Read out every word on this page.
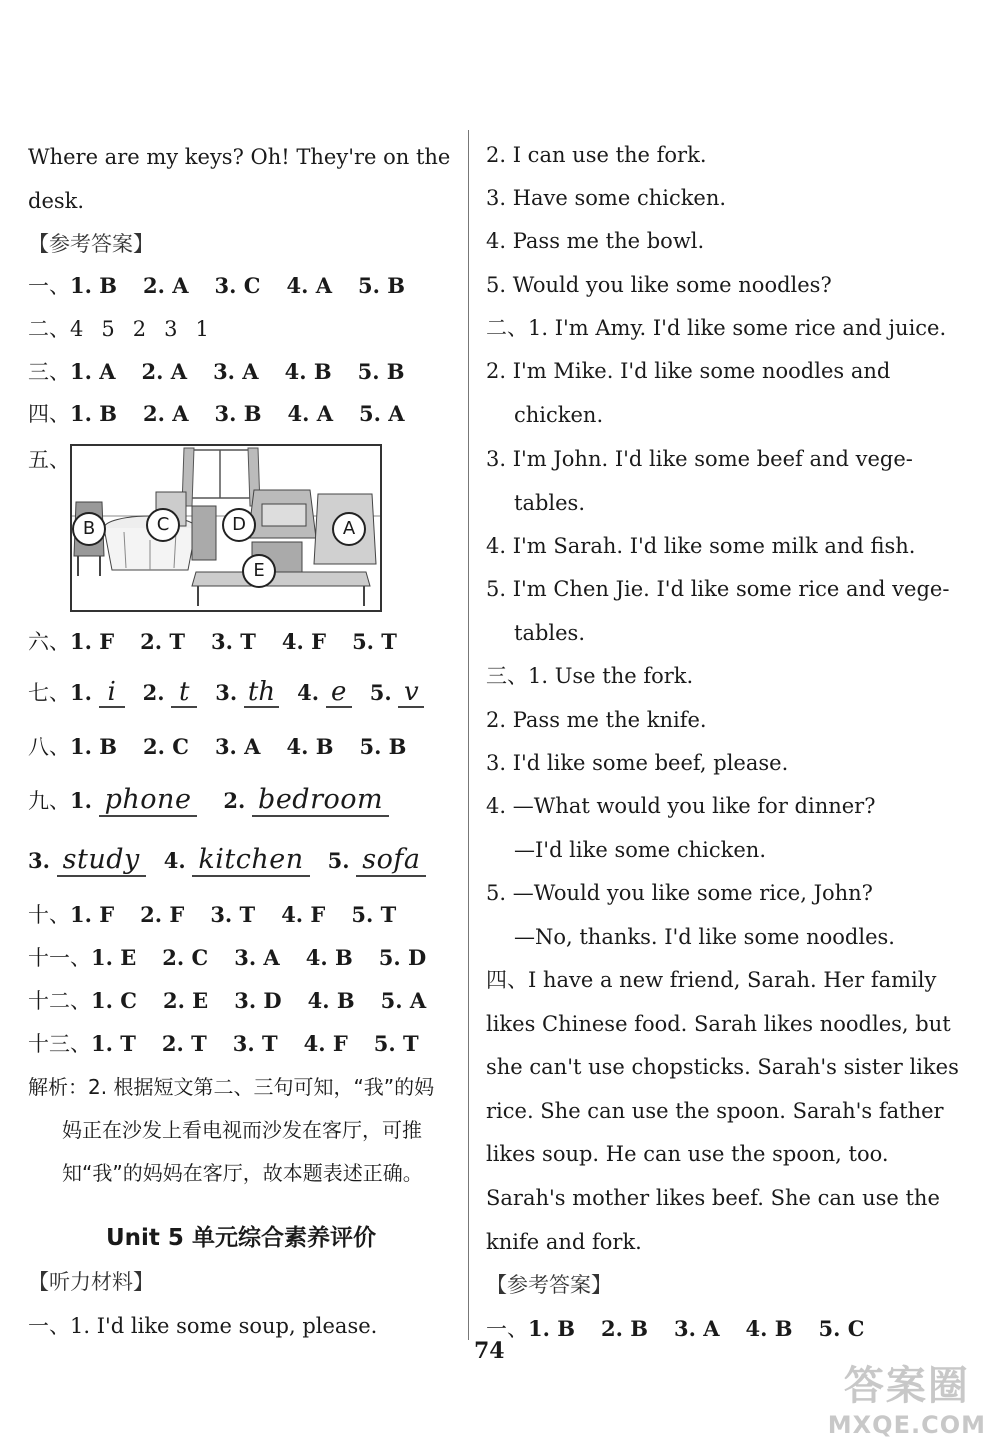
Where are my keys? Oh! They're on the
desk.
【参考答案】
一、1. B 2. A 3. C 4. A 5. B
二、4 5 2 3 1
三、1. A 2. A 3. A 4. B 5. B
四、1. B 2. A 3. B 4. A 5. A
五、
B	C	D	A
E
六、1. F 2. T 3. T 4. F 5. T
七、1. i 2. t 3. th 4. e 5. v
八、1. B 2. C 3. A 4. B 5. B
九、1. phone 2. bedroom
3. study 4. kitchen 5. sofa
十、1. F 2. F 3. T 4. F 5. T
十一、1. E 2. C 3. A 4. B 5. D
十二、1. C 2. E 3. D 4. B 5. A
十三、1. T 2. T 3. T 4. F 5. T
解析：2. 根据短文第二、三句可知，“我”的妈
妈正在沙发上看电视而沙发在客厅，可推
知“我”的妈妈在客厅，故本题表述正确。
Unit 5 单元综合素养评价
【听力材料】
一、1. I'd like some soup, please.
2. I can use the fork.
3. Have some chicken.
4. Pass me the bowl.
5. Would you like some noodles?
二、1. I'm Amy. I'd like some rice and juice.
2. I'm Mike. I'd like some noodles and
chicken.
3. I'm John. I'd like some beef and vege-
tables.
4. I'm Sarah. I'd like some milk and fish.
5. I'm Chen Jie. I'd like some rice and vege-
tables.
三、1. Use the fork.
2. Pass me the knife.
3. I'd like some beef, please.
4. —What would you like for dinner?
—I'd like some chicken.
5. —Would you like some rice, John?
—No, thanks. I'd like some noodles.
四、I have a new friend, Sarah. Her family
likes Chinese food. Sarah likes noodles, but
she can't use chopsticks. Sarah's sister likes
rice. She can use the spoon. Sarah's father
likes soup. He can use the spoon, too.
Sarah's mother likes beef. She can use the
knife and fork.
【参考答案】
一、1. B 2. B 3. A 4. B 5. C
74
答案圈
MXQE.COM
